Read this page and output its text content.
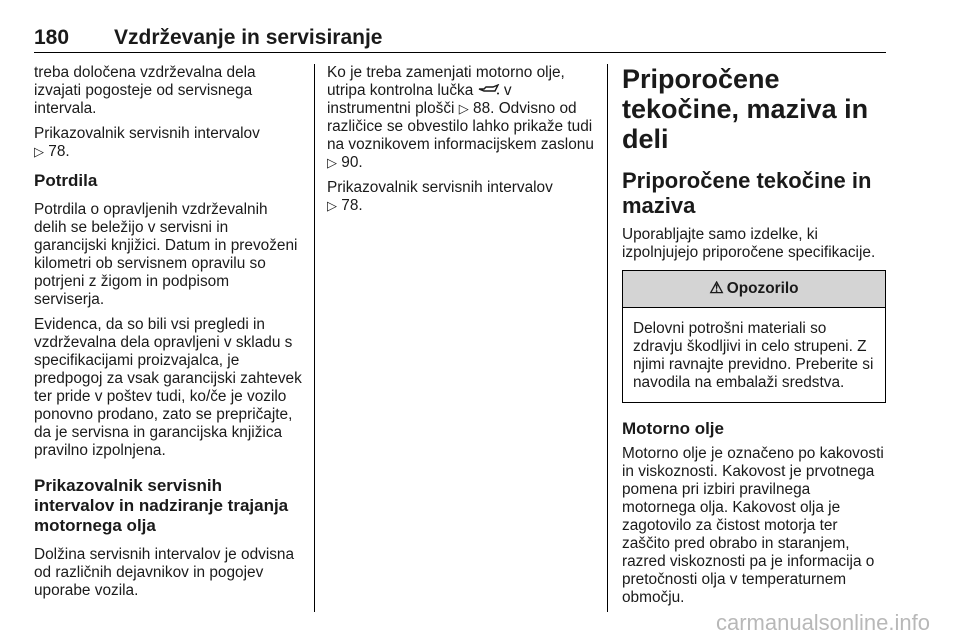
180 Vzdrževanje in servisiranje

treba določena vzdrževalna dela izvajati pogosteje od servisnega intervala.

Prikazovalnik servisnih intervalov
▷ 78.

Potrdila

Potrdila o opravljenih vzdrževalnih delih se beležijo v servisni in garancijski knjižici. Datum in prevoženi kilometri ob servisnem opravilu so potrjeni z žigom in podpisom serviserja.

Evidenca, da so bili vsi pregledi in vzdrževalna dela opravljeni v skladu s specifikacijami proizvajalca, je predpogoj za vsak garancijski zahtevek ter pride v poštev tudi, ko/če je vozilo ponovno prodano, zato se prepričajte, da je servisna in garancijska knjižica pravilno izpolnjena.

Prikazovalnik servisnih intervalov in nadziranje trajanja motornega olja

Dolžina servisnih intervalov je odvisna od različnih dejavnikov in pogojev uporabe vozila.

Ko je treba zamenjati motorno olje, utripa kontrolna lučka v instrumentni plošči ▷ 88. Odvisno od različice se obvestilo lahko prikaže tudi na voznikovem informacijskem zaslonu ▷ 90.

Prikazovalnik servisnih intervalov
▷ 78.

Priporočene tekočine, maziva in deli
Priporočene tekočine in maziva

Uporabljajte samo izdelke, ki izpolnjujejo priporočene specifikacije.

⚠ Opozorilo
Delovni potrošni materiali so zdravju škodljivi in celo strupeni. Z njimi ravnajte previdno. Preberite si navodila na embalaži sredstva.
Motorno olje

Motorno olje je označeno po kakovosti in viskoznosti. Kakovost je prvotnega pomena pri izbiri pravilnega motornega olja. Kakovost olja je zagotovilo za čistost motorja ter zaščito pred obrabo in staranjem, razred viskoznosti pa je informacija o pretočnosti olja v temperaturnem območju.

carmanualsonline.info
